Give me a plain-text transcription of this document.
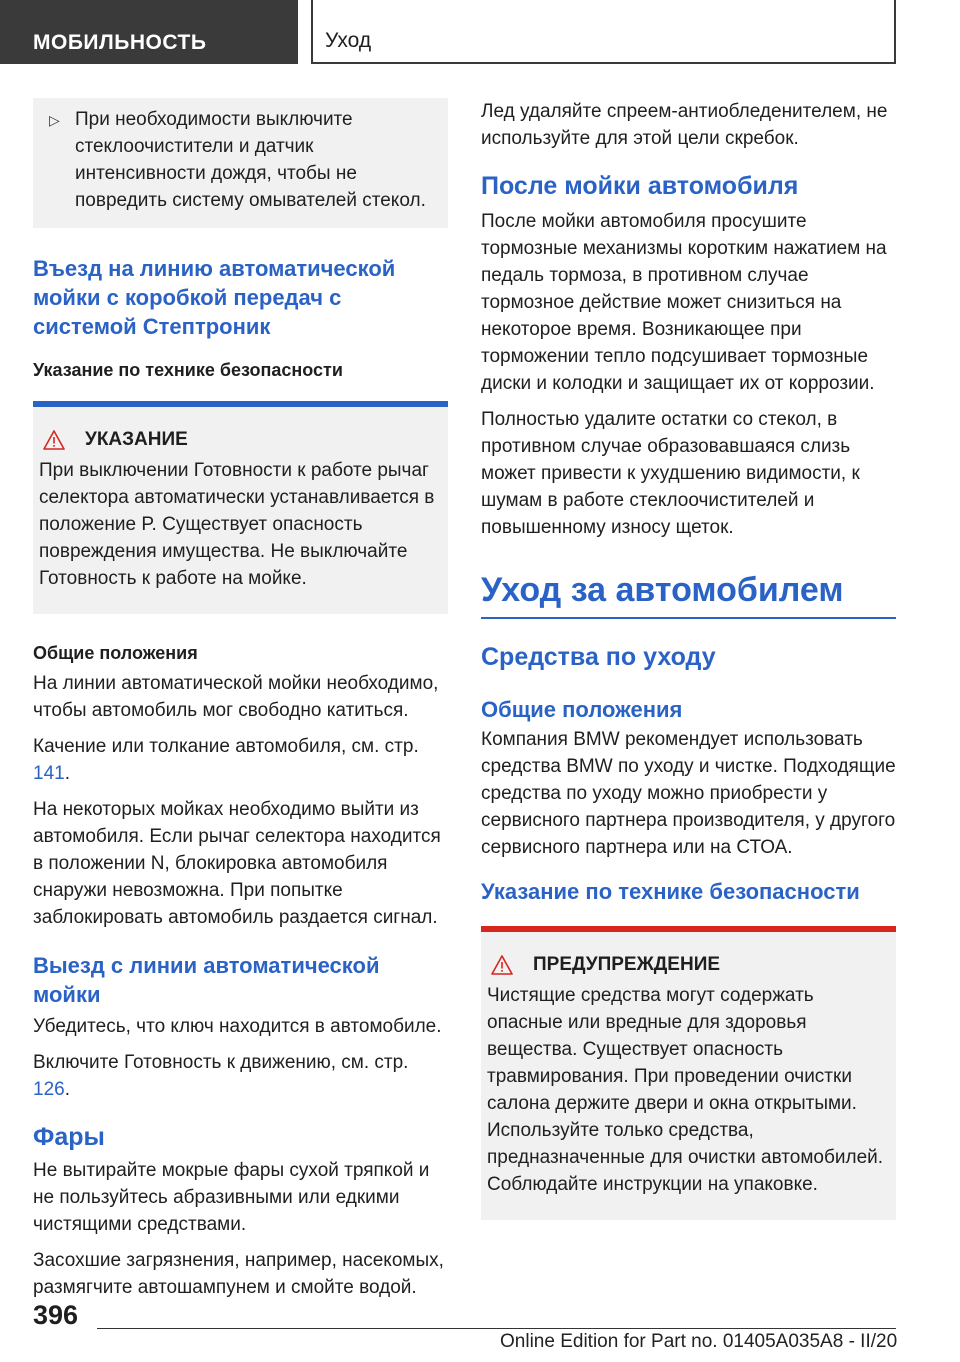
МОБИЛЬНОСТЬ	Уход
▷ При необходимости выключите стеклоочистители и датчик интенсивности дождя, чтобы не повредить систему омывателей стекол.
Въезд на линию автоматической мойки с коробкой передач с системой Стептроник
Указание по технике безопасности
УКАЗАНИЕ
При выключении Готовности к работе рычаг селектора автоматически устанавливается в положение P. Существует опасность повреждения имущества. Не выключайте Готовность к работе на мойке.
Общие положения
На линии автоматической мойки необходимо, чтобы автомобиль мог свободно катиться.
Качение или толкание автомобиля, см. стр. 141.
На некоторых мойках необходимо выйти из автомобиля. Если рычаг селектора находится в положении N, блокировка автомобиля снаружи невозможна. При попытке заблокировать автомобиль раздается сигнал.
Выезд с линии автоматической мойки
Убедитесь, что ключ находится в автомобиле.
Включите Готовность к движению, см. стр. 126.
Фары
Не вытирайте мокрые фары сухой тряпкой и не пользуйтесь абразивными или едкими чистящими средствами.
Засохшие загрязнения, например, насекомых, размягчите автошампунем и смойте водой.
Лед удаляйте спреем-антиобледенителем, не используйте для этой цели скребок.
После мойки автомобиля
После мойки автомобиля просушите тормозные механизмы коротким нажатием на педаль тормоза, в противном случае тормозное действие может снизиться на некоторое время. Возникающее при торможении тепло подсушивает тормозные диски и колодки и защищает их от коррозии.
Полностью удалите остатки со стекол, в противном случае образовавшаяся слизь может привести к ухудшению видимости, к шумам в работе стеклоочистителей и повышенному износу щеток.
Уход за автомобилем
Средства по уходу
Общие положения
Компания BMW рекомендует использовать средства BMW по уходу и чистке. Подходящие средства по уходу можно приобрести у сервисного партнера производителя, у другого сервисного партнера или на СТОА.
Указание по технике безопасности
ПРЕДУПРЕЖДЕНИЕ
Чистящие средства могут содержать опасные или вредные для здоровья вещества. Существует опасность травмирования. При проведении очистки салона держите двери и окна открытыми. Используйте только средства, предназначенные для очистки автомобилей. Соблюдайте инструкции на упаковке.
396
Online Edition for Part no. 01405A035A8 - II/20
